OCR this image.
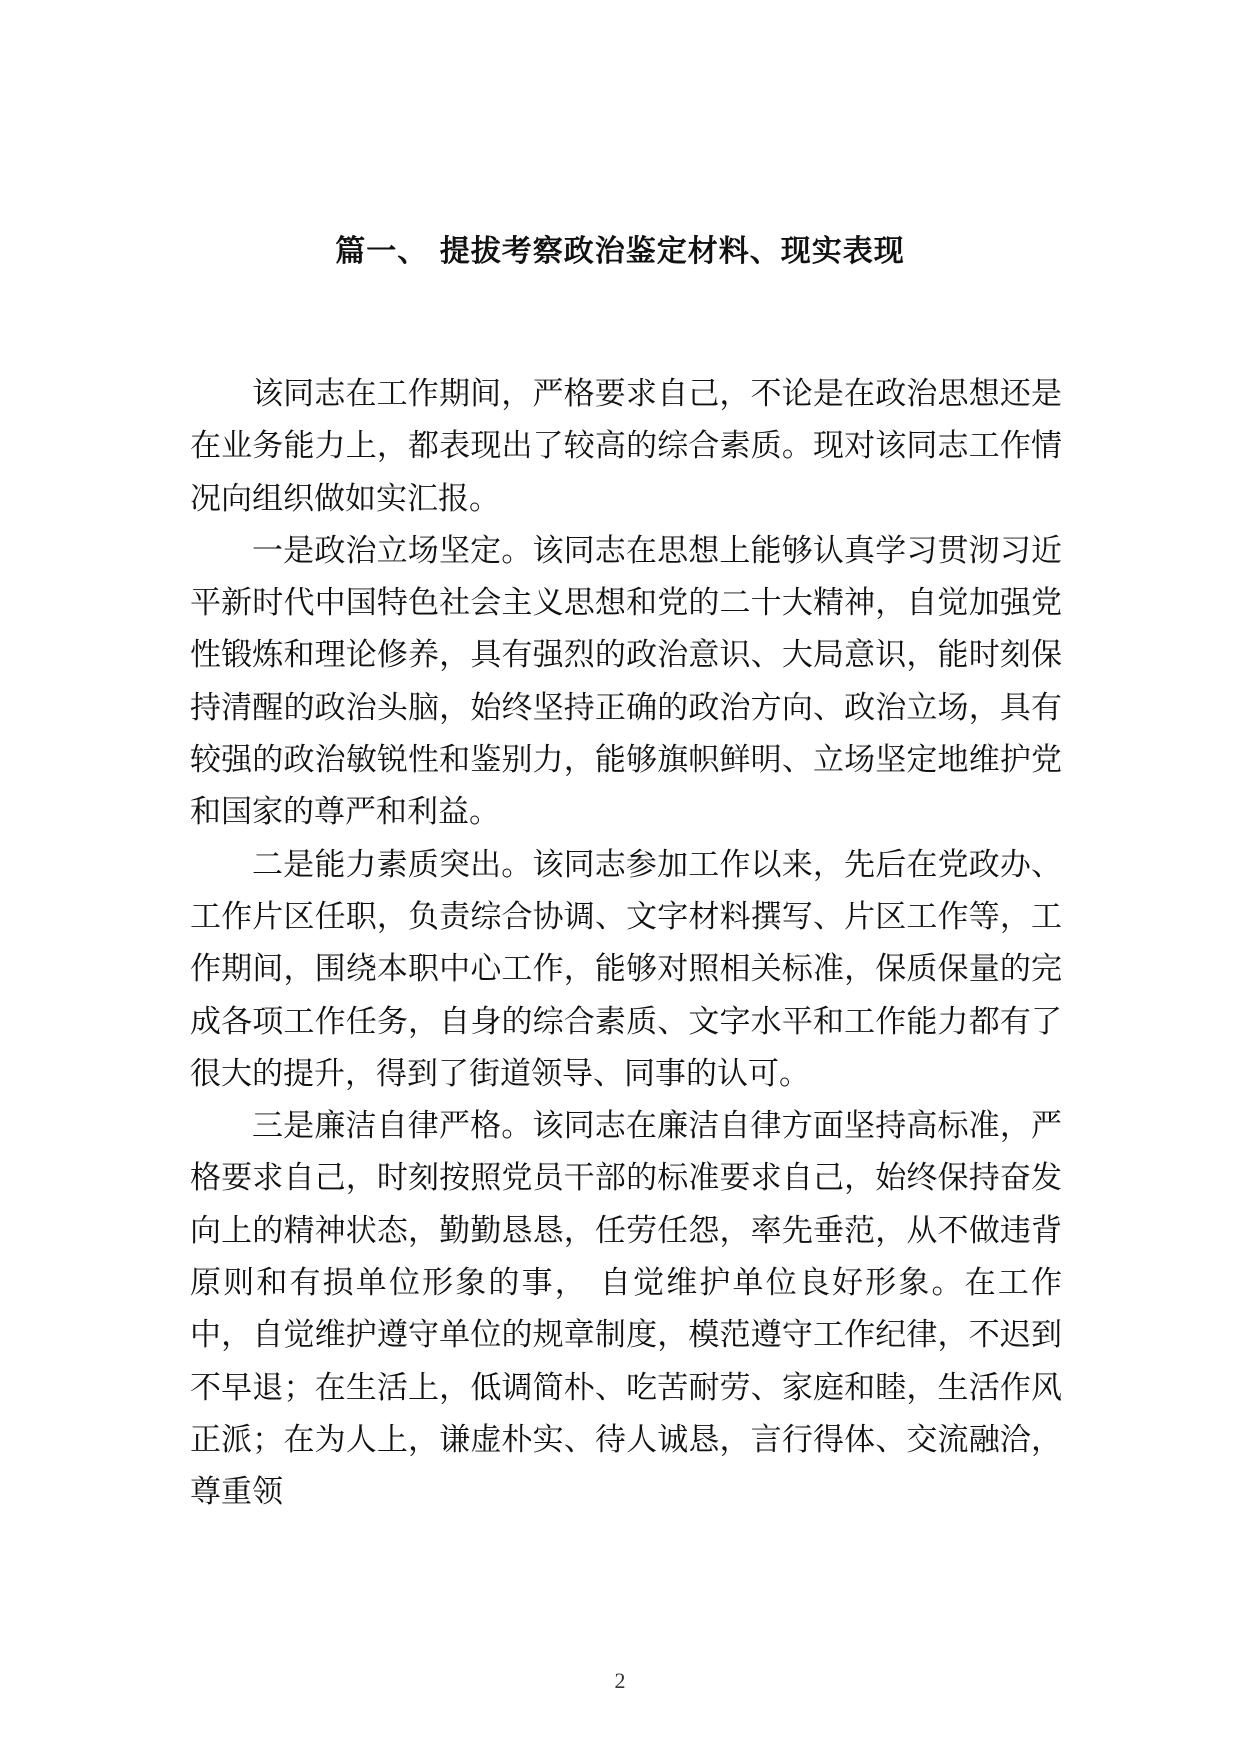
篇一、 提拔考察政治鉴定材料、现实表现

该同志在工作期间，严格要求自己，不论是在政治思想还是在业务能力上，都表现出了较高的综合素质。现对该同志工作情况向组织做如实汇报。

一是政治立场坚定。该同志在思想上能够认真学习贯沏习近平新时代中国特色社会主义思想和党的二十大精神，自觉加强党性锻炼和理论修养，具有强烈的政治意识、大局意识，能时刻保持清醒的政治头脑，始终坚持正确的政治方向、政治立场，具有较强的政治敏锐性和鉴别力，能够旗帜鲜明、立场坚定地维护党和国家的尊严和利益。

二是能力素质突出。该同志参加工作以来，先后在党政办、工作片区任职，负责综合协调、文字材料撰写、片区工作等，工作期间，围绕本职中心工作，能够对照相关标准，保质保量的完成各项工作任务，自身的综合素质、文字水平和工作能力都有了很大的提升，得到了街道领导、同事的认可。

三是廉洁自律严格。该同志在廉洁自律方面坚持高标准，严格要求自己，时刻按照党员干部的标准要求自己，始终保持奋发向上的精神状态，勤勤恳恳，任劳任怨，率先垂范，从不做违背原则和有损单位形象的事， 自觉维护单位良好形象。在工作中，自觉维护遵守单位的规章制度，模范遵守工作纪律，不迟到不早退；在生活上，低调简朴、吃苦耐劳、家庭和睦，生活作风正派；在为人上，谦虚朴实、待人诚恳，言行得体、交流融洽，尊重领

2
